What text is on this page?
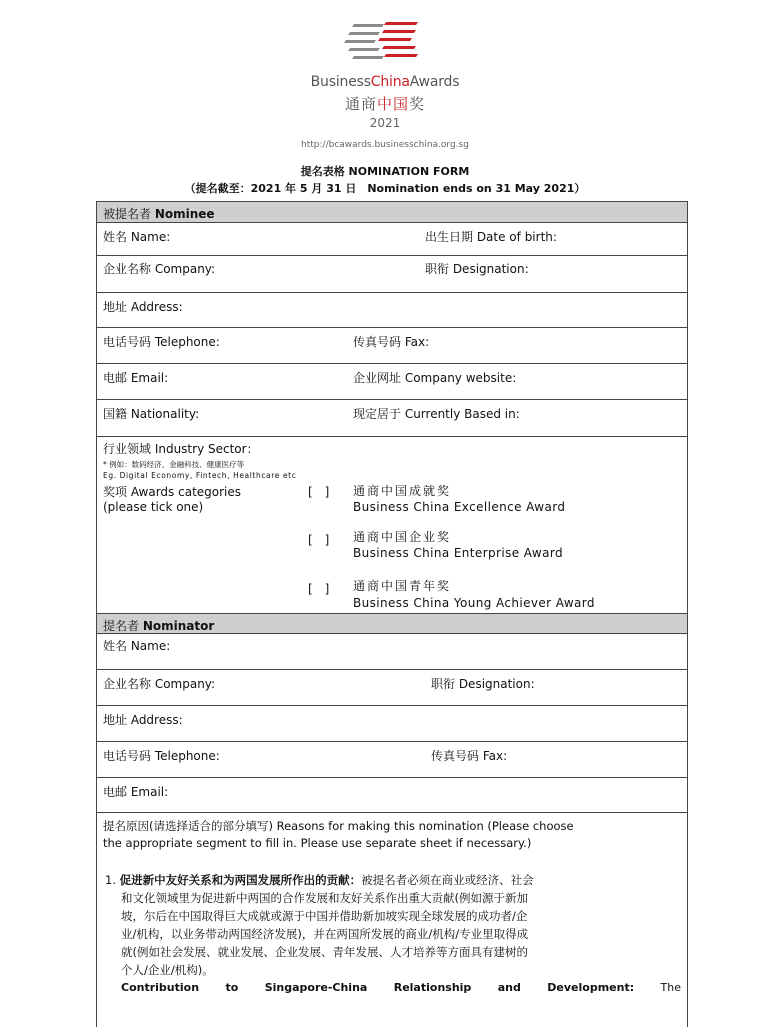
BusinessChinaAwards
通商中国奖
2021
http://bcawards.businesschina.org.sg
提名表格 NOMINATION FORM
（提名截至：2021 年 5 月 31 日　Nomination ends on 31 May 2021）
被提名者 Nominee
姓名 Name:	出生日期 Date of birth:
企业名称 Company:	职衔 Designation:
地址 Address:
电话号码 Telephone:	传真号码 Fax:
电邮 Email:	企业网址 Company website:
国籍 Nationality:	现定居于 Currently Based in:
行业领域 Industry Sector：
* 例如：数码经济、金融科技、健康医疗等
Eg. Digital Economy, Fintech, Healthcare etc
奖项 Awards categories
(please tick one)
[　] 通商中国成就奖
Business China Excellence Award
[　] 通商中国企业奖
Business China Enterprise Award
[　] 通商中国青年奖
Business China Young Achiever Award
提名者 Nominator
姓名 Name:
企业名称 Company:	职衔 Designation:
地址 Address:
电话号码 Telephone:	传真号码 Fax:
电邮 Email:
提名原因(请选择适合的部分填写) Reasons for making this nomination (Please choose
the appropriate segment to fill in. Please use separate sheet if necessary.)
1. 促进新中友好关系和为两国发展所作出的贡献：被提名者必须在商业或经济、社会
和文化领域里为促进新中两国的合作发展和友好关系作出重大贡献(例如源于新加
坡，尔后在中国取得巨大成就或源于中国并借助新加坡实现全球发展的成功者/企
业/机构，以业务带动两国经济发展)，并在两国所发展的商业/机构/专业里取得成
就(例如社会发展、就业发展、企业发展、青年发展、人才培养等方面具有建树的
个人/企业/机构)。
Contribution to Singapore-China Relationship and Development: The
